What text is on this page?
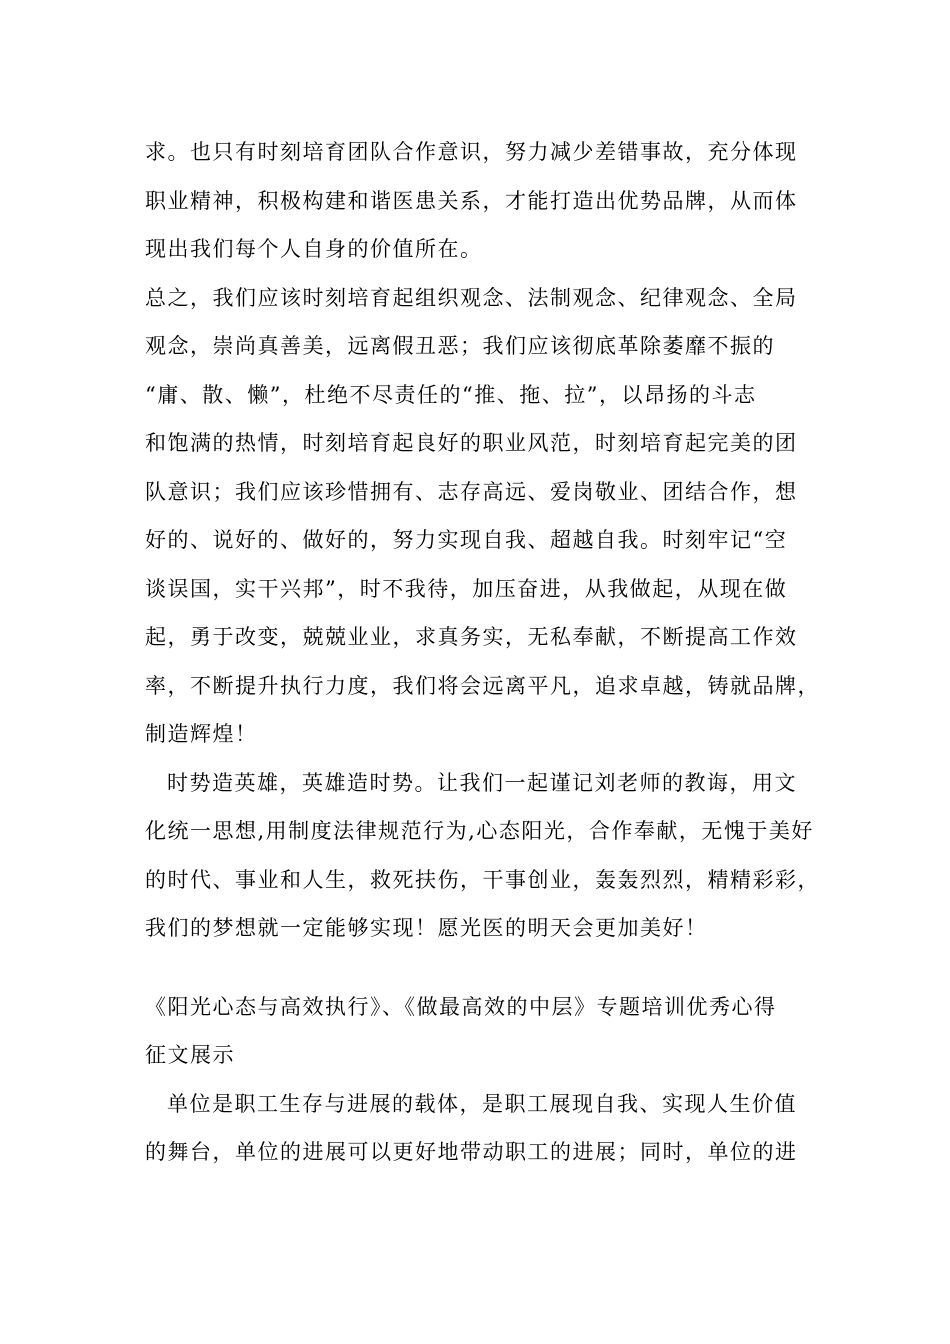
求。也只有时刻培育团队合作意识，努力减少差错事故，充分体现
职业精神，积极构建和谐医患关系，才能打造出优势品牌，从而体
现出我们每个人自身的价值所在。
总之，我们应该时刻培育起组织观念、法制观念、纪律观念、全局
观念，崇尚真善美，远离假丑恶；我们应该彻底革除萎靡不振的
“庸、散、懒”，杜绝不尽责任的“推、拖、拉”，以昂扬的斗志
和饱满的热情，时刻培育起良好的职业风范，时刻培育起完美的团
队意识；我们应该珍惜拥有、志存高远、爱岗敬业、团结合作，想
好的、说好的、做好的，努力实现自我、超越自我。时刻牢记“空
谈误国，实干兴邦”，时不我待，加压奋进，从我做起，从现在做
起，勇于改变，兢兢业业，求真务实，无私奉献，不断提高工作效
率，不断提升执行力度，我们将会远离平凡，追求卓越，铸就品牌，
制造辉煌！
时势造英雄，英雄造时势。让我们一起谨记刘老师的教诲，用文
化统一思想,用制度法律规范行为,心态阳光，合作奉献，无愧于美好
的时代、事业和人生，救死扶伤，干事创业，轰轰烈烈，精精彩彩，
我们的梦想就一定能够实现！愿光医的明天会更加美好！
《阳光心态与高效执行》、《做最高效的中层》专题培训优秀心得
征文展示
单位是职工生存与进展的载体，是职工展现自我、实现人生价值
的舞台，单位的进展可以更好地带动职工的进展；同时，单位的进
